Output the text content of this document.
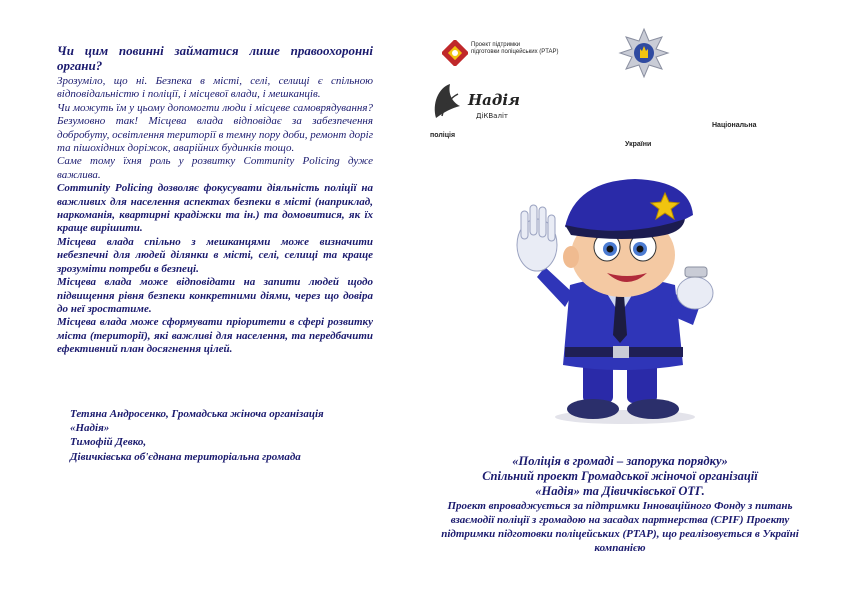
Чи цим повинні займатися лише правоохоронні органи?

Зрозуміло, що ні. Безпека в місті, селі, селищі є спільною відповідальністю і поліції, і місцевої влади, і мешканців.

Чи можуть їм у цьому допомогти люди і місцеве самоврядування? Безумовно так! Місцева влада відповідає за забезпечення добробуту, освітлення території в темну пору доби, ремонт доріг та пішохідних доріжок, аварійних будинків тощо.

Саме тому їхня роль у розвитку Community Policing дуже важлива.

Community Policing дозволяє фокусувати діяльність поліції на важливих для населення аспектах безпеки в місті (наприклад, наркоманія, квартирні крадіжки та ін.) та домовитися, як їх краще вирішити.

Місцева влада спільно з мешканцями може визначити небезпечні для людей ділянки в місті, селі, селищі та краще зрозуміти потреби в безпеці.

Місцева влада може відповідати на запити людей щодо підвищення рівня безпеки конкретними діями, через що довіра до неї зростатиме.

Місцева влада може сформувати пріоритети в сфері розвитку міста (території), які важливі для населення, та передбачити ефективний план досягнення цілей.

Тетяна Андросенко, Громадська жіноча організація

«Надія»

Тимофій Девко,

Дівичківська об'єднана територіальна громада

Проект підтримки
підготовки поліцейських (PTAP)
Надія
ДіКВаліт
Національна
поліція
України

«Поліція в громаді – запорука порядку»

Спільний проект Громадської жіночої організації

«Надія» та Дівичківської ОТГ.

Проект впроваджується за підтримки Інноваційного Фонду з питань взаємодії поліції з громадою на засадах партнерства (CPIF) Проекту підтримки підготовки поліцейських (PTAP), що реалізовується в Україні компанією
